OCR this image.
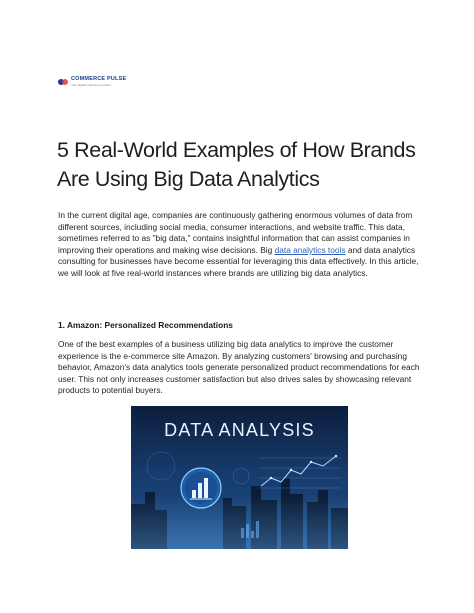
COMMERCE PULSE
Your digital commerce partner
5 Real-World Examples of How Brands Are Using Big Data Analytics

In the current digital age, companies are continuously gathering enormous volumes of data from different sources, including social media, consumer interactions, and website traffic. This data, sometimes referred to as "big data," contains insightful information that can assist companies in improving their operations and making wise decisions. Big data analytics tools and data analytics consulting for businesses have become essential for leveraging this data effectively. In this article, we will look at five real-world instances where brands are utilizing big data analytics.

1. Amazon: Personalized Recommendations

One of the best examples of a business utilizing big data analytics to improve the customer experience is the e-commerce site Amazon. By analyzing customers' browsing and purchasing behavior, Amazon's data analytics tools generate personalized product recommendations for each user. This not only increases customer satisfaction but also drives sales by showcasing relevant products to potential buyers.

DATA ANALYSIS
